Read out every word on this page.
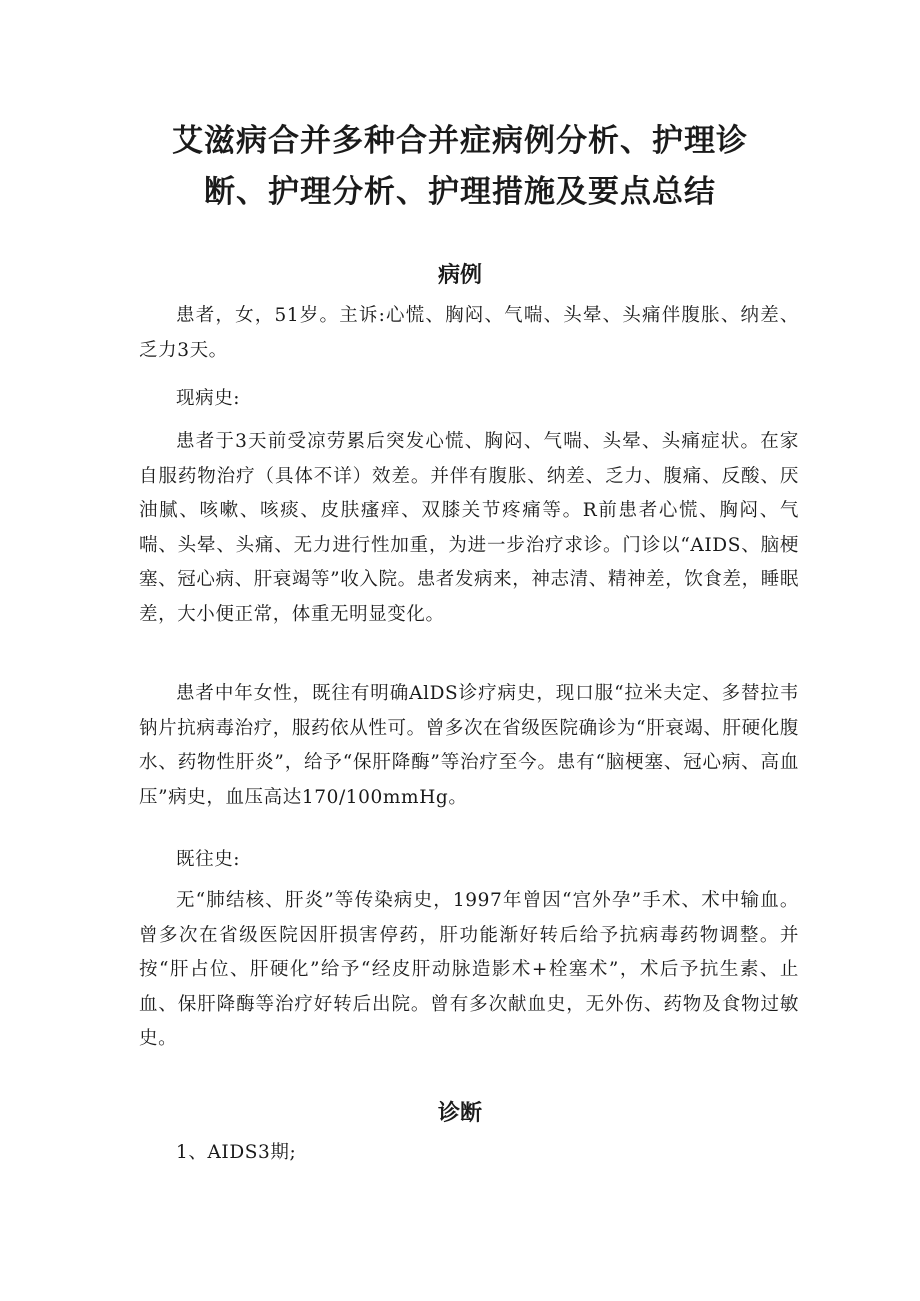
艾滋病合并多种合并症病例分析、护理诊
断、护理分析、护理措施及要点总结
病例

患者，女，51岁。主诉:心慌、胸闷、气喘、头晕、头痛伴腹胀、纳差、乏力3天。

现病史:

患者于3天前受凉劳累后突发心慌、胸闷、气喘、头晕、头痛症状。在家自服药物治疗（具体不详）效差。并伴有腹胀、纳差、乏力、腹痛、反酸、厌油腻、咳嗽、咳痰、皮肤瘙痒、双膝关节疼痛等。R前患者心慌、胸闷、气喘、头晕、头痛、无力进行性加重，为进一步治疗求诊。门诊以“AIDS、脑梗塞、冠心病、肝衰竭等”收入院。患者发病来，神志清、精神差，饮食差，睡眠差，大小便正常，体重无明显变化。

患者中年女性，既往有明确AlDS诊疗病史，现口服“拉米夫定、多替拉韦钠片抗病毒治疗，服药依从性可。曾多次在省级医院确诊为“肝衰竭、肝硬化腹水、药物性肝炎”，给予“保肝降酶”等治疗至今。患有“脑梗塞、冠心病、高血压”病史，血压高达170/100mmHg。

既往史:

无“肺结核、肝炎”等传染病史，1997年曾因“宫外孕”手术、术中输血。曾多次在省级医院因肝损害停药，肝功能渐好转后给予抗病毒药物调整。并按“肝占位、肝硬化”给予“经皮肝动脉造影术+栓塞术”，术后予抗生素、止血、保肝降酶等治疗好转后出院。曾有多次献血史，无外伤、药物及食物过敏史。

诊断

1、AIDS3期;
